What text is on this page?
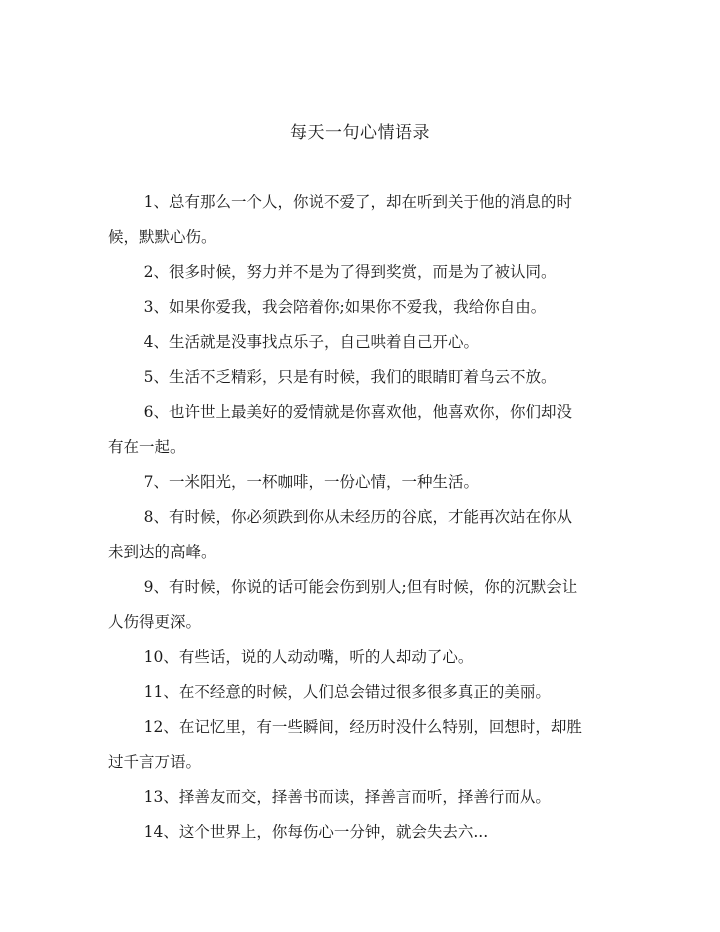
每天一句心情语录

1、总有那么一个人，你说不爱了，却在听到关于他的消息的时
候，默默心伤。

2、很多时候，努力并不是为了得到奖赏，而是为了被认同。

3、如果你爱我，我会陪着你;如果你不爱我，我给你自由。

4、生活就是没事找点乐子，自己哄着自己开心。

5、生活不乏精彩，只是有时候，我们的眼睛盯着乌云不放。

6、也许世上最美好的爱情就是你喜欢他，他喜欢你，你们却没
有在一起。

7、一米阳光，一杯咖啡，一份心情，一种生活。

8、有时候，你必须跌到你从未经历的谷底，才能再次站在你从
未到达的高峰。

9、有时候，你说的话可能会伤到别人;但有时候，你的沉默会让
人伤得更深。

10、有些话，说的人动动嘴，听的人却动了心。

11、在不经意的时候，人们总会错过很多很多真正的美丽。

12、在记忆里，有一些瞬间，经历时没什么特别，回想时，却胜
过千言万语。

13、择善友而交，择善书而读，择善言而听，择善行而从。

14、这个世界上，你每伤心一分钟，就会失去六...
